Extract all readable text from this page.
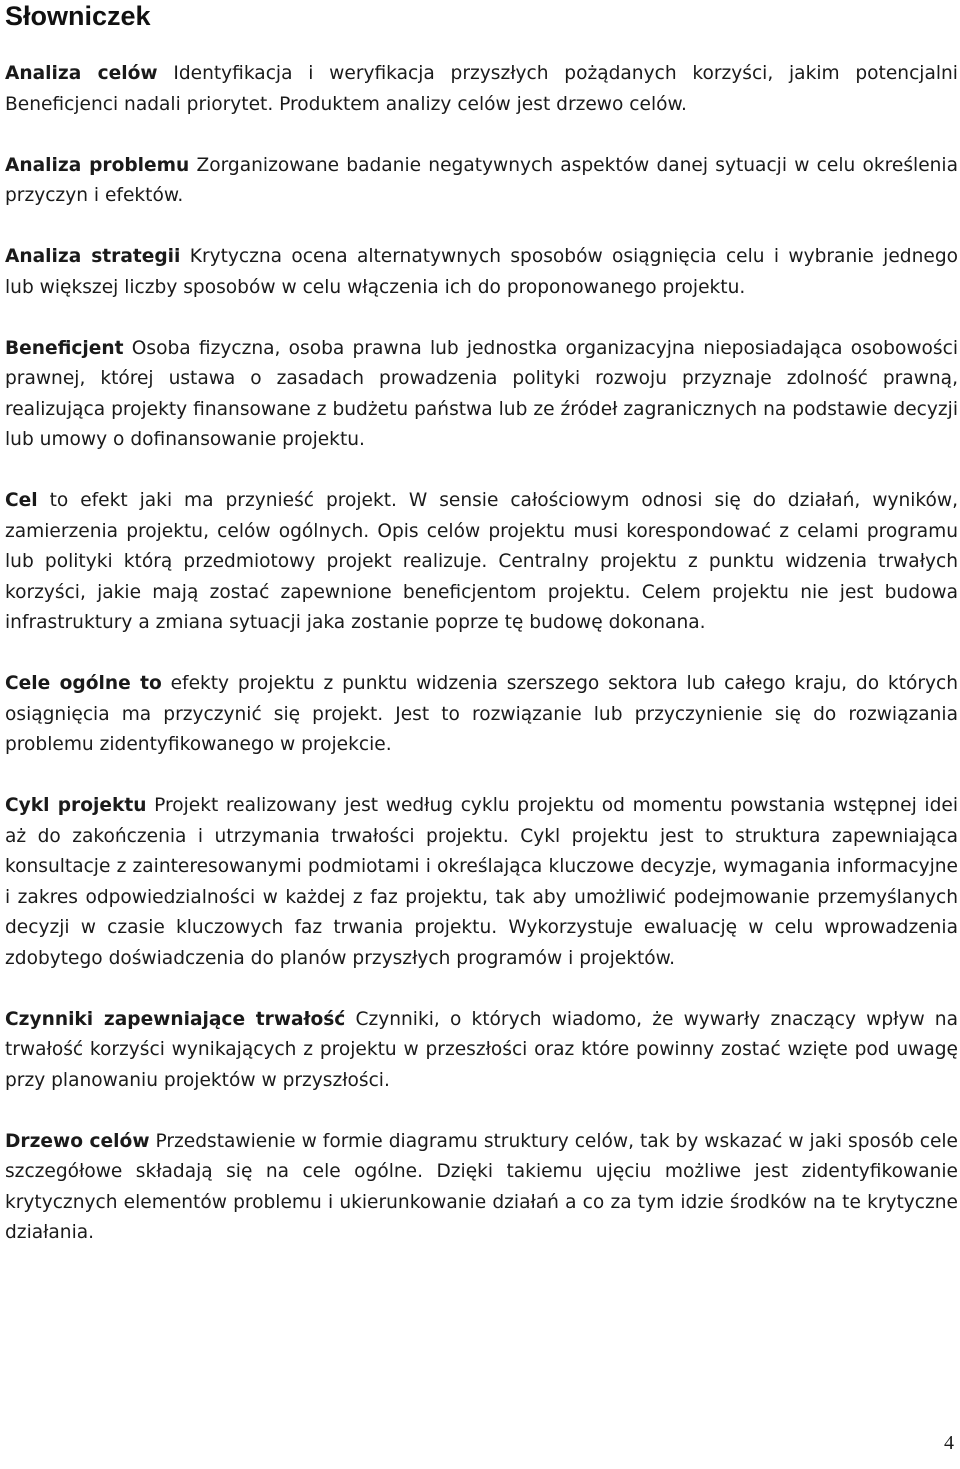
Słowniczek

Analiza celów Identyfikacja i weryfikacja przyszłych pożądanych korzyści, jakim potencjalni Beneficjenci nadali priorytet. Produktem analizy celów jest drzewo celów.

Analiza problemu Zorganizowane badanie negatywnych aspektów danej sytuacji w celu określenia przyczyn i efektów.

Analiza strategii Krytyczna ocena alternatywnych sposobów osiągnięcia celu i wybranie jednego lub większej liczby sposobów w celu włączenia ich do proponowanego projektu.

Beneficjent Osoba fizyczna, osoba prawna lub jednostka organizacyjna nieposiadająca osobowości prawnej, której ustawa o zasadach prowadzenia polityki rozwoju przyznaje zdolność prawną, realizująca projekty finansowane z budżetu państwa lub ze źródeł zagranicznych na podstawie decyzji lub umowy o dofinansowanie projektu.

Cel to efekt jaki ma przynieść projekt. W sensie całościowym odnosi się do działań, wyników, zamierzenia projektu, celów ogólnych. Opis celów projektu musi korespondować z celami programu lub polityki którą przedmiotowy projekt realizuje. Centralny projektu z punktu widzenia trwałych korzyści, jakie mają zostać zapewnione beneficjentom projektu. Celem projektu nie jest budowa infrastruktury a zmiana sytuacji jaka zostanie poprze tę budowę dokonana.

Cele ogólne to efekty projektu z punktu widzenia szerszego sektora lub całego kraju, do których osiągnięcia ma przyczynić się projekt. Jest to rozwiązanie lub przyczynienie się do rozwiązania problemu zidentyfikowanego w projekcie.

Cykl projektu Projekt realizowany jest według cyklu projektu od momentu powstania wstępnej idei aż do zakończenia i utrzymania trwałości projektu. Cykl projektu jest to struktura zapewniająca konsultacje z zainteresowanymi podmiotami i określająca kluczowe decyzje, wymagania informacyjne i zakres odpowiedzialności w każdej z faz projektu, tak aby umożliwić podejmowanie przemyślanych decyzji w czasie kluczowych faz trwania projektu. Wykorzystuje ewaluację w celu wprowadzenia zdobytego doświadczenia do planów przyszłych programów i projektów.

Czynniki zapewniające trwałość Czynniki, o których wiadomo, że wywarły znaczący wpływ na trwałość korzyści wynikających z projektu w przeszłości oraz które powinny zostać wzięte pod uwagę przy planowaniu projektów w przyszłości.

Drzewo celów Przedstawienie w formie diagramu struktury celów, tak by wskazać w jaki sposób cele szczegółowe składają się na cele ogólne. Dzięki takiemu ujęciu możliwe jest zidentyfikowanie krytycznych elementów problemu i ukierunkowanie działań a co za tym idzie środków na te krytyczne działania.

4
